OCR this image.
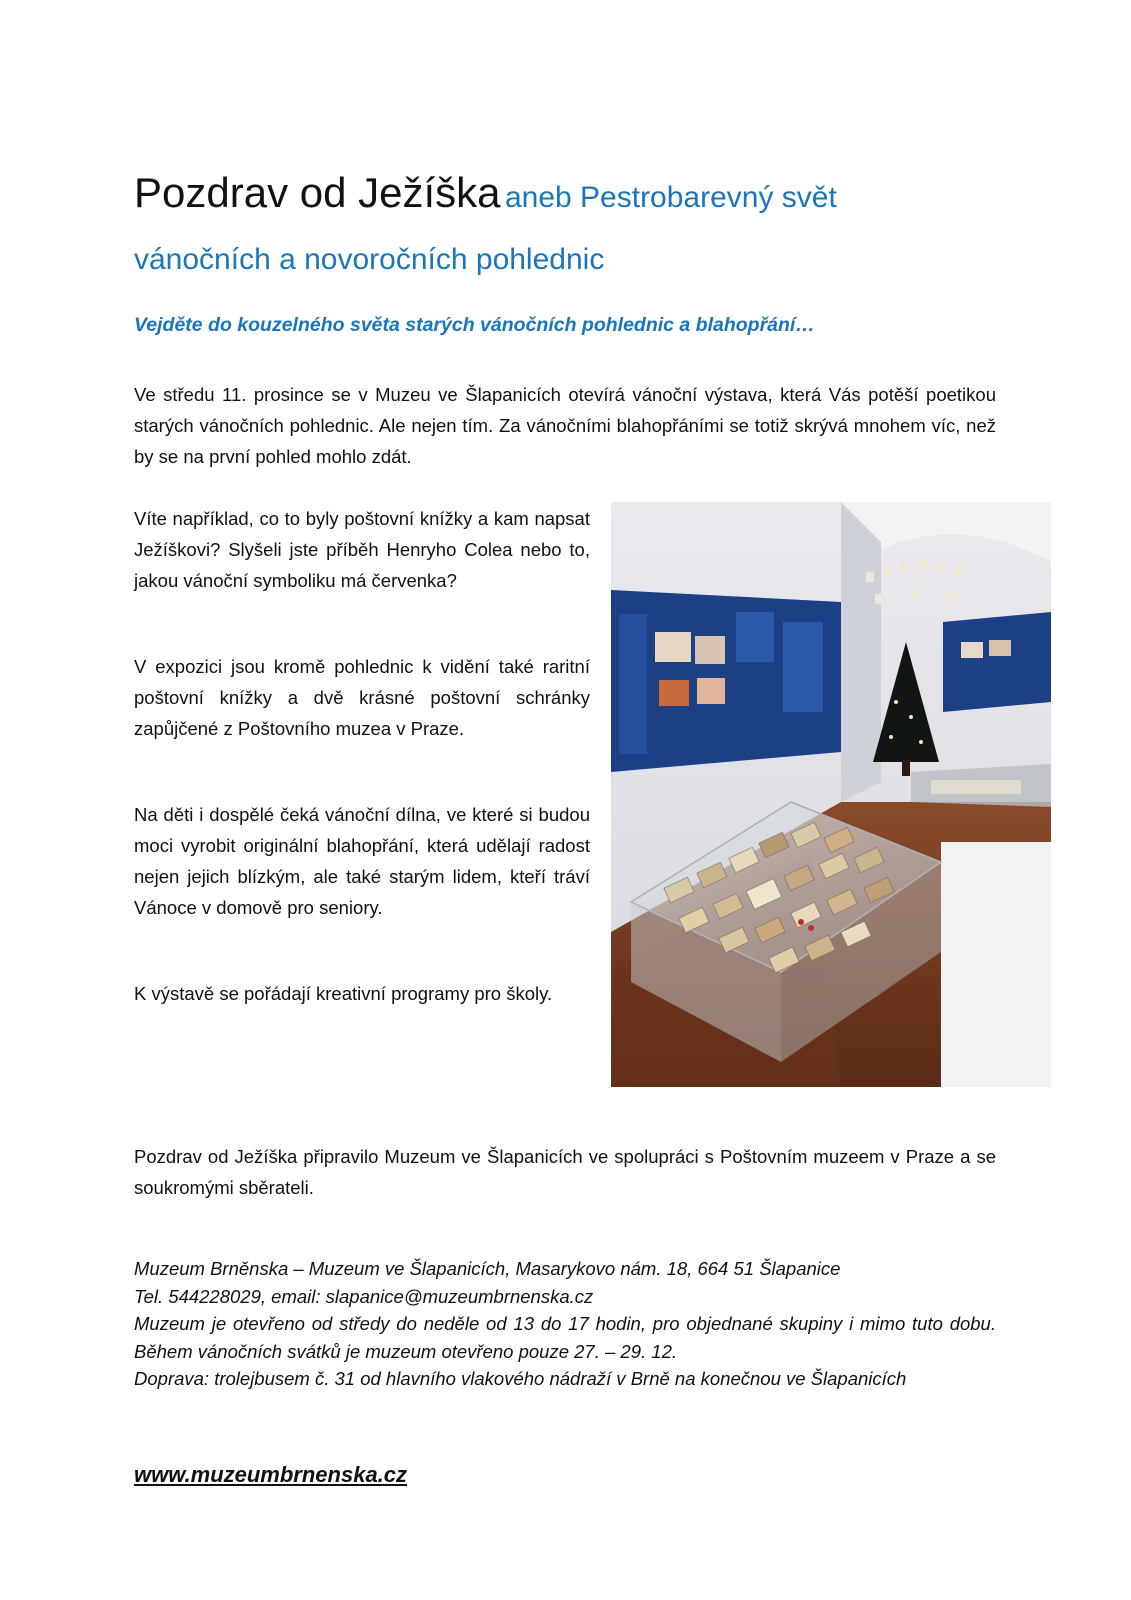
Pozdrav od Ježíška aneb Pestrobarevný svět
vánočních a novoročních pohlednic
Vejděte do kouzelného světa starých vánočních pohlednic a blahopřání…

Ve středu 11. prosince se v Muzeu ve Šlapanicích otevírá vánoční výstava, která Vás potěší poetikou starých vánočních pohlednic. Ale nejen tím. Za vánočními blahopřáními se totiž skrývá mnohem víc, než by se na první pohled mohlo zdát.

Víte například, co to byly poštovní knížky a kam napsat Ježíškovi? Slyšeli jste příběh Henryho Colea nebo to, jakou vánoční symboliku má červenka?

V expozici jsou kromě pohlednic k vidění také raritní poštovní knížky a dvě krásné poštovní schránky zapůjčené z Poštovního muzea v Praze.

Na děti i dospělé čeká vánoční dílna, ve které si budou moci vyrobit originální blahopřání, která udělají radost nejen jejich blízkým, ale také starým lidem, kteří tráví Vánoce v domově pro seniory.

K výstavě se pořádají kreativní programy pro školy.

Pozdrav od Ježíška připravilo Muzeum ve Šlapanicích ve spolupráci s Poštovním muzeem v Praze a se soukromými sběrateli.

Muzeum Brněnska – Muzeum ve Šlapanicích, Masarykovo nám. 18, 664 51 Šlapanice
Tel. 544228029, email: slapanice@muzeumbrnenska.cz
Muzeum je otevřeno od středy do neděle od 13 do 17 hodin, pro objednané skupiny i mimo tuto dobu. Během vánočních svátků je muzeum otevřeno pouze 27. – 29. 12.
Doprava: trolejbusem č. 31 od hlavního vlakového nádraží v Brně na konečnou ve Šlapanicích
www.muzeumbrnenska.cz
